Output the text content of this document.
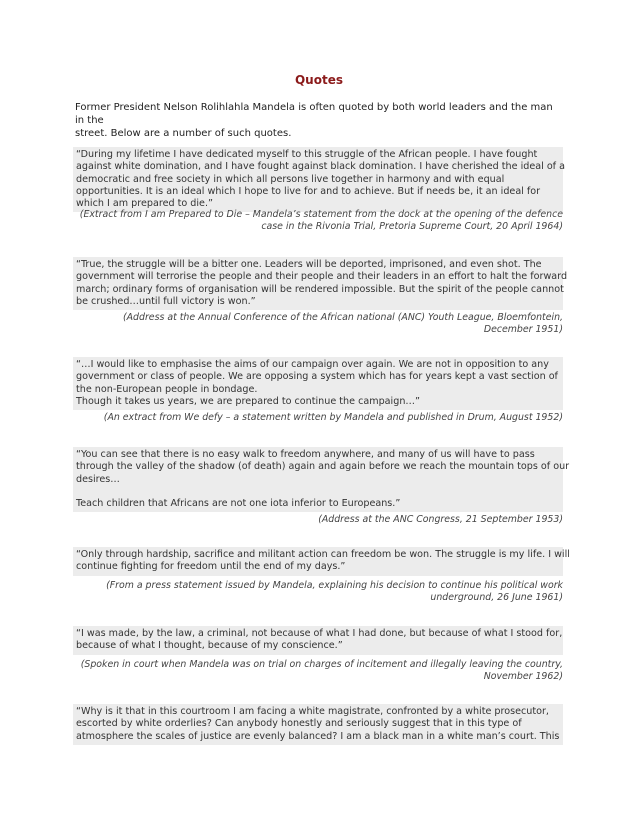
Quotes
Former President Nelson Rolihlahla Mandela is often quoted by both world leaders and the man in the
street. Below are a number of such quotes.
“During my lifetime I have dedicated myself to this struggle of the African people. I have fought
against white domination, and I have fought against black domination. I have cherished the ideal of a
democratic and free society in which all persons live together in harmony and with equal
opportunities. It is an ideal which I hope to live for and to achieve. But if needs be, it an ideal for
which I am prepared to die.”
(Extract from I am Prepared to Die – Mandela’s statement from the dock at the opening of the defence
case in the Rivonia Trial, Pretoria Supreme Court, 20 April 1964)
“True, the struggle will be a bitter one. Leaders will be deported, imprisoned, and even shot. The
government will terrorise the people and their people and their leaders in an effort to halt the forward
march; ordinary forms of organisation will be rendered impossible. But the spirit of the people cannot
be crushed…until full victory is won.”
(Address at the Annual Conference of the African national (ANC) Youth League, Bloemfontein,
December 1951)
“…I would like to emphasise the aims of our campaign over again. We are not in opposition to any
government or class of people. We are opposing a system which has for years kept a vast section of
the non-European people in bondage.
Though it takes us years, we are prepared to continue the campaign…”
(An extract from We defy – a statement written by Mandela and published in Drum, August 1952)
“You can see that there is no easy walk to freedom anywhere, and many of us will have to pass
through the valley of the shadow (of death) again and again before we reach the mountain tops of our
desires…
Teach children that Africans are not one iota inferior to Europeans.”
(Address at the ANC Congress, 21 September 1953)
“Only through hardship, sacrifice and militant action can freedom be won. The struggle is my life. I will
continue fighting for freedom until the end of my days.”
(From a press statement issued by Mandela, explaining his decision to continue his political work
underground, 26 June 1961)
“I was made, by the law, a criminal, not because of what I had done, but because of what I stood for,
because of what I thought, because of my conscience.”
(Spoken in court when Mandela was on trial on charges of incitement and illegally leaving the country,
November 1962)
“Why is it that in this courtroom I am facing a white magistrate, confronted by a white prosecutor,
escorted by white orderlies? Can anybody honestly and seriously suggest that in this type of
atmosphere the scales of justice are evenly balanced? I am a black man in a white man’s court. This
